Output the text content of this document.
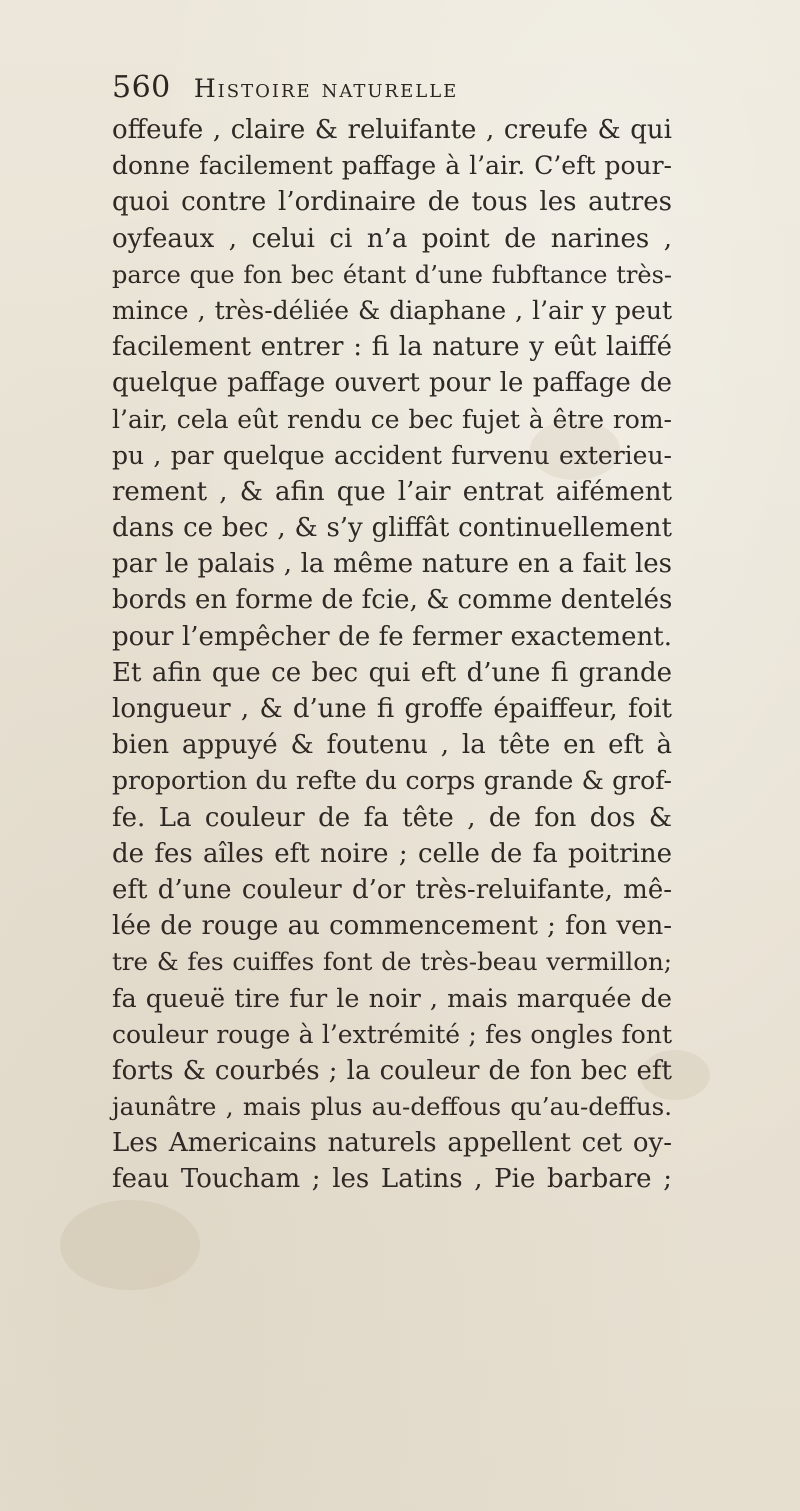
560 Histoire naturelle
offeufe , claire & reluifante , creufe & qui
donne facilement paffage à l’air. C’eft pour-
quoi contre l’ordinaire de tous les autres
oyfeaux , celui ci n’a point de narines ,
parce que fon bec étant d’une fubftance très-
mince , très-déliée & diaphane , l’air y peut
facilement entrer : fi la nature y eût laiffé
quelque paffage ouvert pour le paffage de
l’air, cela eût rendu ce bec fujet à être rom-
pu , par quelque accident furvenu exterieu-
rement , & afin que l’air entrat aifément
dans ce bec , & s’y gliffât continuellement
par le palais , la même nature en a fait les
bords en forme de fcie, & comme dentelés
pour l’empêcher de fe fermer exactement.
Et afin que ce bec qui eft d’une fi grande
longueur , & d’une fi groffe épaiffeur, foit
bien appuyé & foutenu , la tête en eft à
proportion du refte du corps grande & grof-
fe. La couleur de fa tête , de fon dos &
de fes aîles eft noire ; celle de fa poitrine
eft d’une couleur d’or très-reluifante, mê-
lée de rouge au commencement ; fon ven-
tre & fes cuiffes font de très-beau vermillon;
fa queuë tire fur le noir , mais marquée de
couleur rouge à l’extrémité ; fes ongles font
forts & courbés ; la couleur de fon bec eft
jaunâtre , mais plus au-deffous qu’au-deffus.
Les Americains naturels appellent cet oy-
feau Toucham ; les Latins , Pie barbare ;
